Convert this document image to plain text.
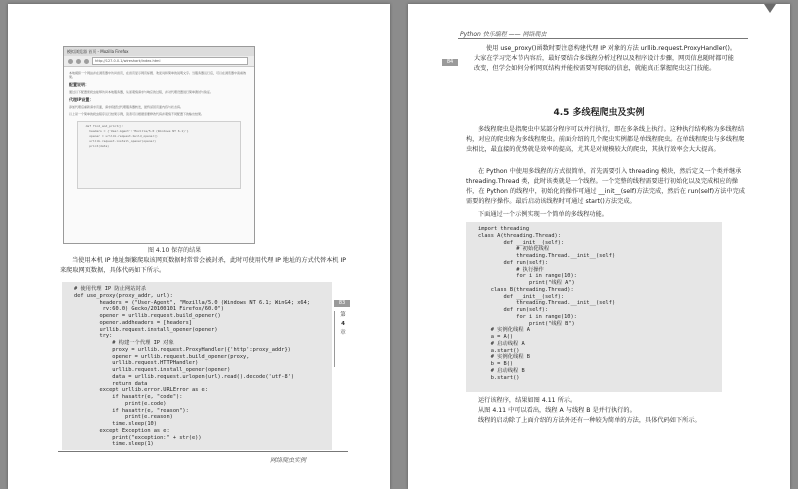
模拟浏览器 首页 - Mozilla Firefox
http://127.0.0.1/wireshark/index.html

本地模拟一个网站并在浏览器中访问首页，在首页显示网页标题、欢迎词和简单的说明文字。当服务器运行后，可以在浏览器中查看效果。

配置说明：

通过以下配置使爬虫能够访问本地服务器，从而观察请求与响应的过程，并对代理设置进行简单测试与验证。

代理IP设置：

添加代理后重新请求页面，请求将经过代理服务器转发，最终返回页面内容与状态码。

以上是一个简单的爬虫程序运行结果示例，读者可以根据需要修改代码并观察不同配置下的输出结果。

def find_and_print():
headers = {'User-Agent':'Mozilla/5.0 (Windows NT 6.1)'}
opener = urllib.request.build_opener()
urllib.request.install_opener(opener)
print(data)
图 4.10 保存的结果

当使用本机 IP 地址频繁爬取该网页数据时常常会被封杀，此时可使用代理 IP 地址的方式代替本机 IP 来爬取网页数据，具体代码如下所示。

# 使用代理 IP 防止网站封杀
def use_proxy(proxy_addr, url):
headers = ("User-Agent", "Mozilla/5.0 (Windows NT 6.1; WinG4; x64;
rv:60.0) Gecko/20100101 Firefox/60.0")
opener = urllib.request.build_opener()
opener.addheaders = [headers]
urllib.request.install_opener(opener)
try:
# 构建一个代理 IP 对象
proxy = urllib.request.ProxyHandler({'http':proxy_addr})
opener = urllib.request.build_opener(proxy,
urllib.request.HTTPHandler)
urllib.request.install_opener(opener)
data = urllib.request.urlopen(url).read().decode('utf-8')
return data
except urllib.error.URLError as e:
if hasattr(e, "code"):
print(e.code)
if hasattr(e, "reason"):
print(e.reason)
time.sleep(10)
except Exception as e:
print("exception:" + str(e))
time.sleep(1)
83
第
4
章
网络爬虫实例
Python 快乐编程 —— 网络爬虫
84

使用 use_proxy()函数时要注意构建代理 IP 对象的方法 urllib.request.ProxyHandler()。大家在学习完本节内容后，最好要结合多线程分析过程以及程序设计步骤，网页信息随时都可能改变，但学会如何分析网页结构并能按需要写爬取的信息，就能真正掌握爬虫这门技能。

4.5 多线程爬虫及实例

多线程爬虫是指爬虫中某部分程序可以并行执行，即在多条线上执行。这种执行结构称为多线程结构，对应的爬虫称为多线程爬虫。前面介绍的几个爬虫实例都是单线程爬虫。在单线程爬虫与多线程爬虫相比，最直接的优势就是效率的提高，尤其是对规模较大的爬虫，其执行效率会大大提高。

在 Python 中使用多线程的方式很简单，首先需要引入 threading 模块，然后定义一个类并继承 threading.Thread 类，此时该类就是一个线程。一个完整的线程需要进行初始化以及完成相应的操作，在 Python 的线程中，初始化的操作可通过 __init__(self)方法完成，然后在 run(self)方法中完成需要的程序操作。最后启动该线程时可通过 start()方法完成。

下面通过一个示例实现一个简单的多线程功能。

import threading
class A(threading.Thread):
def __init__(self):
# 初始化线程
threading.Thread.__init__(self)
def run(self):
# 执行操作
for i in range(10):
print("线程 A")
class B(threading.Thread):
def __init__(self):
threading.Thread.__init__(self)
def run(self):
for i in range(10):
print("线程 B")
# 实例化线程 A
a = A()
# 启动线程 A
a.start()
# 实例化线程 B
b = B()
# 启动线程 B
b.start()

运行该程序，结果如图 4.11 所示。

从图 4.11 中可以看出，线程 A 与线程 B 是并行执行的。

线程的启动除了上面介绍的方法外还有一种较为简单的方法，具体代码如下所示。
